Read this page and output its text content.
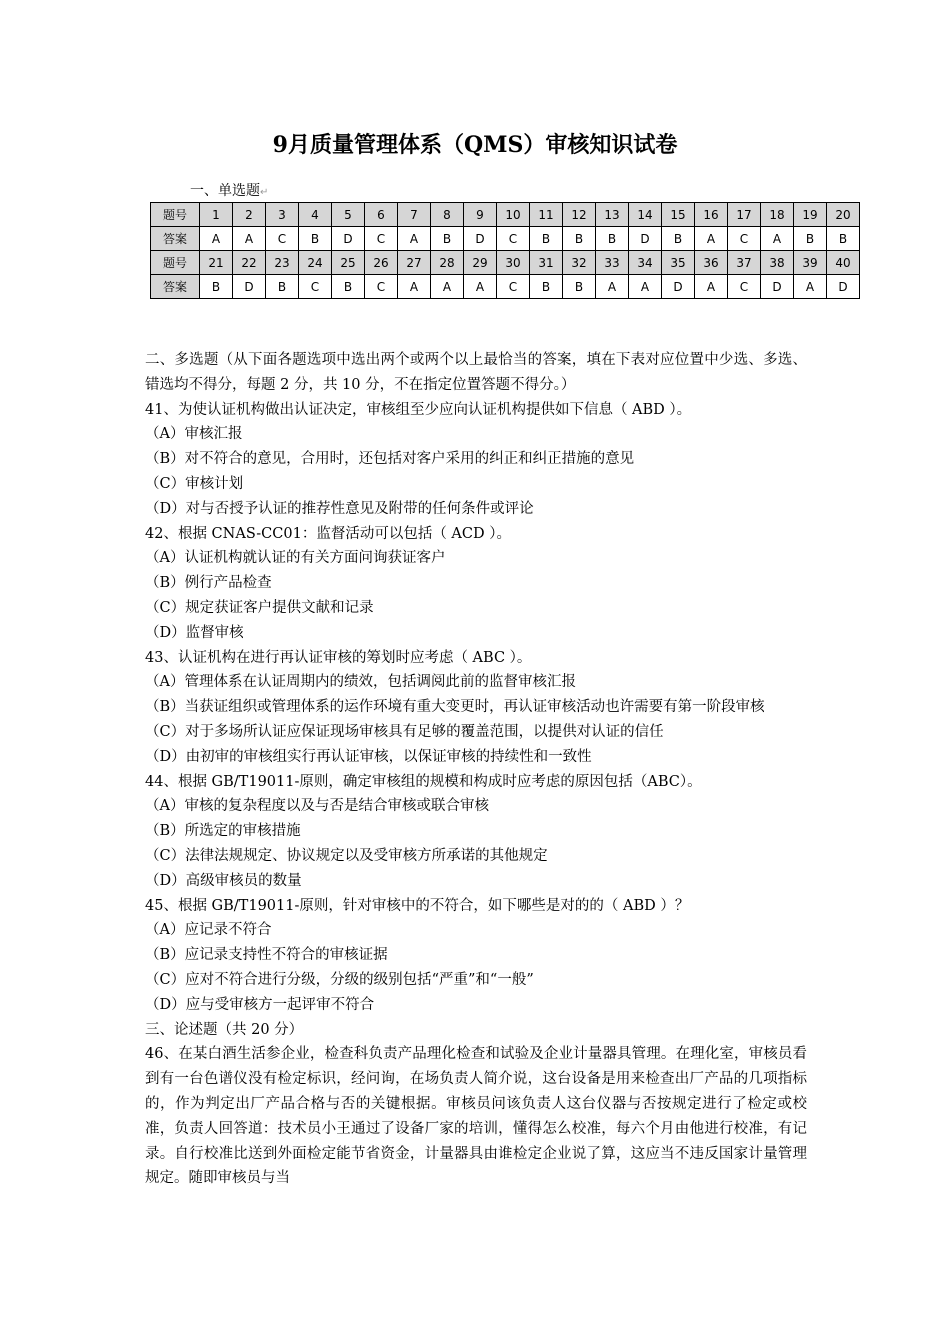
9月质量管理体系（QMS）审核知识试卷
一、单选题↵
题号	1	2	3	4	5	6	7	8	9	10	11	12	13	14	15	16	17	18	19	20
答案	A	A	C	B	D	C	A	B	D	C	B	B	B	D	B	A	C	A	B	B
题号	21	22	23	24	25	26	27	28	29	30	31	32	33	34	35	36	37	38	39	40
答案	B	D	B	C	B	C	A	A	A	C	B	B	A	A	D	A	C	D	A	D

二、多选题（从下面各题选项中选出两个或两个以上最恰当的答案，填在下表对应位置中少选、多选、错选均不得分，每题 2 分，共 10 分，不在指定位置答题不得分。）

41、为使认证机构做出认证决定，审核组至少应向认证机构提供如下信息（ ABD ）。

（A）审核汇报

（B）对不符合的意见，合用时，还包括对客户采用的纠正和纠正措施的意见

（C）审核计划

（D）对与否授予认证的推荐性意见及附带的任何条件或评论

42、根据 CNAS-CC01：监督活动可以包括（ ACD ）。

（A）认证机构就认证的有关方面问询获证客户

（B）例行产品检查

（C）规定获证客户提供文献和记录

（D）监督审核

43、认证机构在进行再认证审核的筹划时应考虑（ ABC ）。

（A）管理体系在认证周期内的绩效，包括调阅此前的监督审核汇报

（B）当获证组织或管理体系的运作环境有重大变更时，再认证审核活动也许需要有第一阶段审核

（C）对于多场所认证应保证现场审核具有足够的覆盖范围，以提供对认证的信任

（D）由初审的审核组实行再认证审核，以保证审核的持续性和一致性

44、根据 GB/T19011-原则，确定审核组的规模和构成时应考虑的原因包括（ABC）。

（A）审核的复杂程度以及与否是结合审核或联合审核

（B）所选定的审核措施

（C）法律法规规定、协议规定以及受审核方所承诺的其他规定

（D）高级审核员的数量

45、根据 GB/T19011-原则，针对审核中的不符合，如下哪些是对的的（ ABD ）？

（A）应记录不符合

（B）应记录支持性不符合的审核证据

（C）应对不符合进行分级，分级的级别包括“严重”和“一般”

（D）应与受审核方一起评审不符合

三、论述题（共 20 分）

46、在某白酒生活参企业，检查科负责产品理化检查和试验及企业计量器具管理。在理化室，审核员看到有一台色谱仪没有检定标识，经问询，在场负责人简介说，这台设备是用来检查出厂产品的几项指标的，作为判定出厂产品合格与否的关键根据。审核员问该负责人这台仪器与否按规定进行了检定或校准，负责人回答道：技术员小王通过了设备厂家的培训，懂得怎么校准，每六个月由他进行校准，有记录。自行校准比送到外面检定能节省资金，计量器具由谁检定企业说了算，这应当不违反国家计量管理规定。随即审核员与当
